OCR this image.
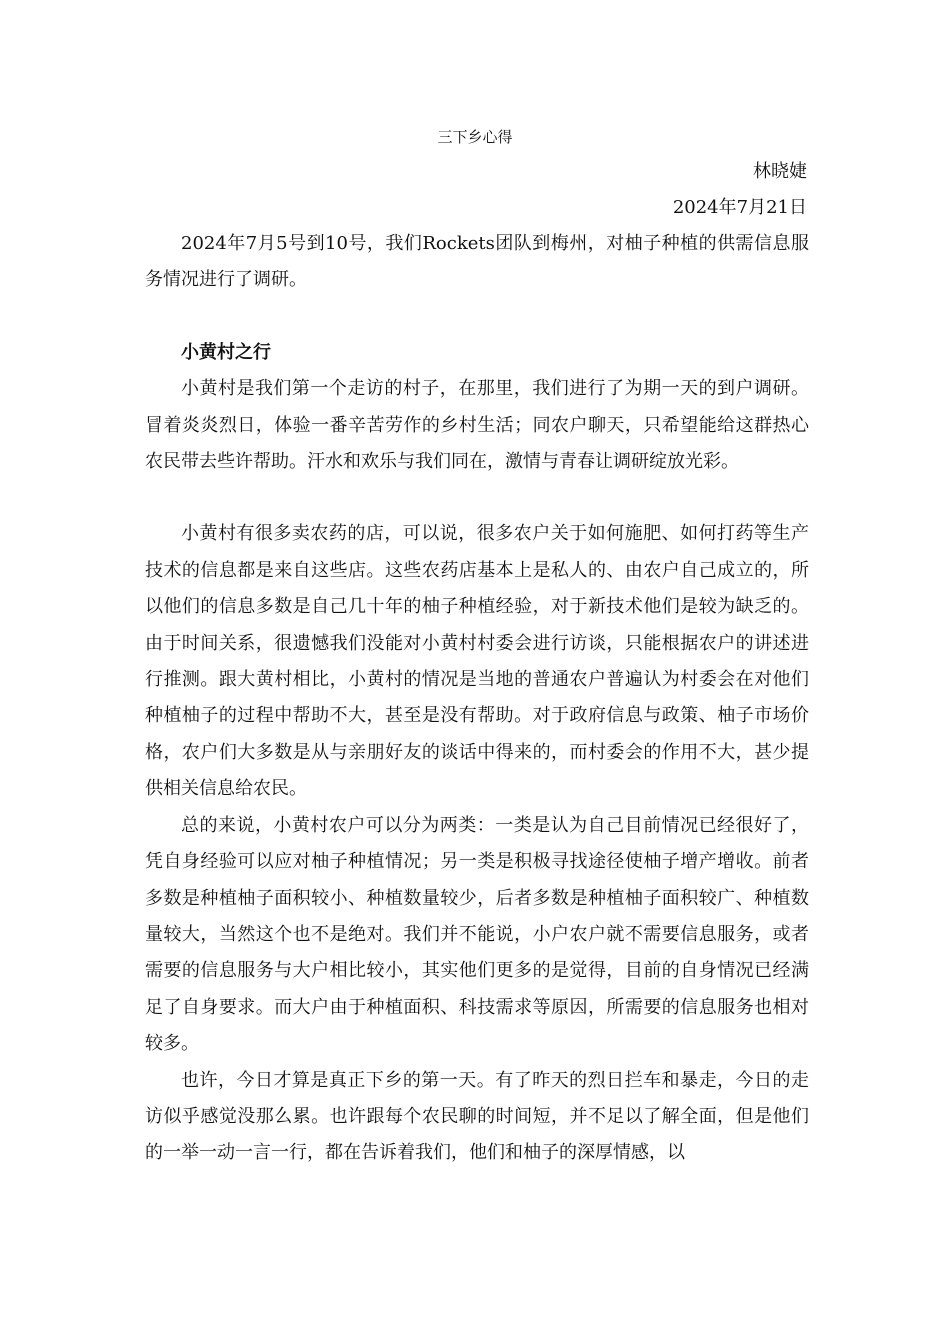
三下乡心得
林晓婕
2024年7月21日

2024年7月5号到10号，我们Rockets团队到梅州，对柚子种植的供需信息服务情况进行了调研。

小黄村之行

小黄村是我们第一个走访的村子，在那里，我们进行了为期一天的到户调研。冒着炎炎烈日，体验一番辛苦劳作的乡村生活；同农户聊天，只希望能给这群热心农民带去些许帮助。汗水和欢乐与我们同在，激情与青春让调研绽放光彩。

小黄村有很多卖农药的店，可以说，很多农户关于如何施肥、如何打药等生产技术的信息都是来自这些店。这些农药店基本上是私人的、由农户自己成立的，所以他们的信息多数是自己几十年的柚子种植经验，对于新技术他们是较为缺乏的。由于时间关系，很遗憾我们没能对小黄村村委会进行访谈，只能根据农户的讲述进行推测。跟大黄村相比，小黄村的情况是当地的普通农户普遍认为村委会在对他们种植柚子的过程中帮助不大，甚至是没有帮助。对于政府信息与政策、柚子市场价格，农户们大多数是从与亲朋好友的谈话中得来的，而村委会的作用不大，甚少提供相关信息给农民。

总的来说，小黄村农户可以分为两类：一类是认为自己目前情况已经很好了，凭自身经验可以应对柚子种植情况；另一类是积极寻找途径使柚子增产增收。前者多数是种植柚子面积较小、种植数量较少，后者多数是种植柚子面积较广、种植数量较大，当然这个也不是绝对。我们并不能说，小户农户就不需要信息服务，或者需要的信息服务与大户相比较小，其实他们更多的是觉得，目前的自身情况已经满足了自身要求。而大户由于种植面积、科技需求等原因，所需要的信息服务也相对较多。

也许，今日才算是真正下乡的第一天。有了昨天的烈日拦车和暴走，今日的走访似乎感觉没那么累。也许跟每个农民聊的时间短，并不足以了解全面，但是他们的一举一动一言一行，都在告诉着我们，他们和柚子的深厚情感，以
